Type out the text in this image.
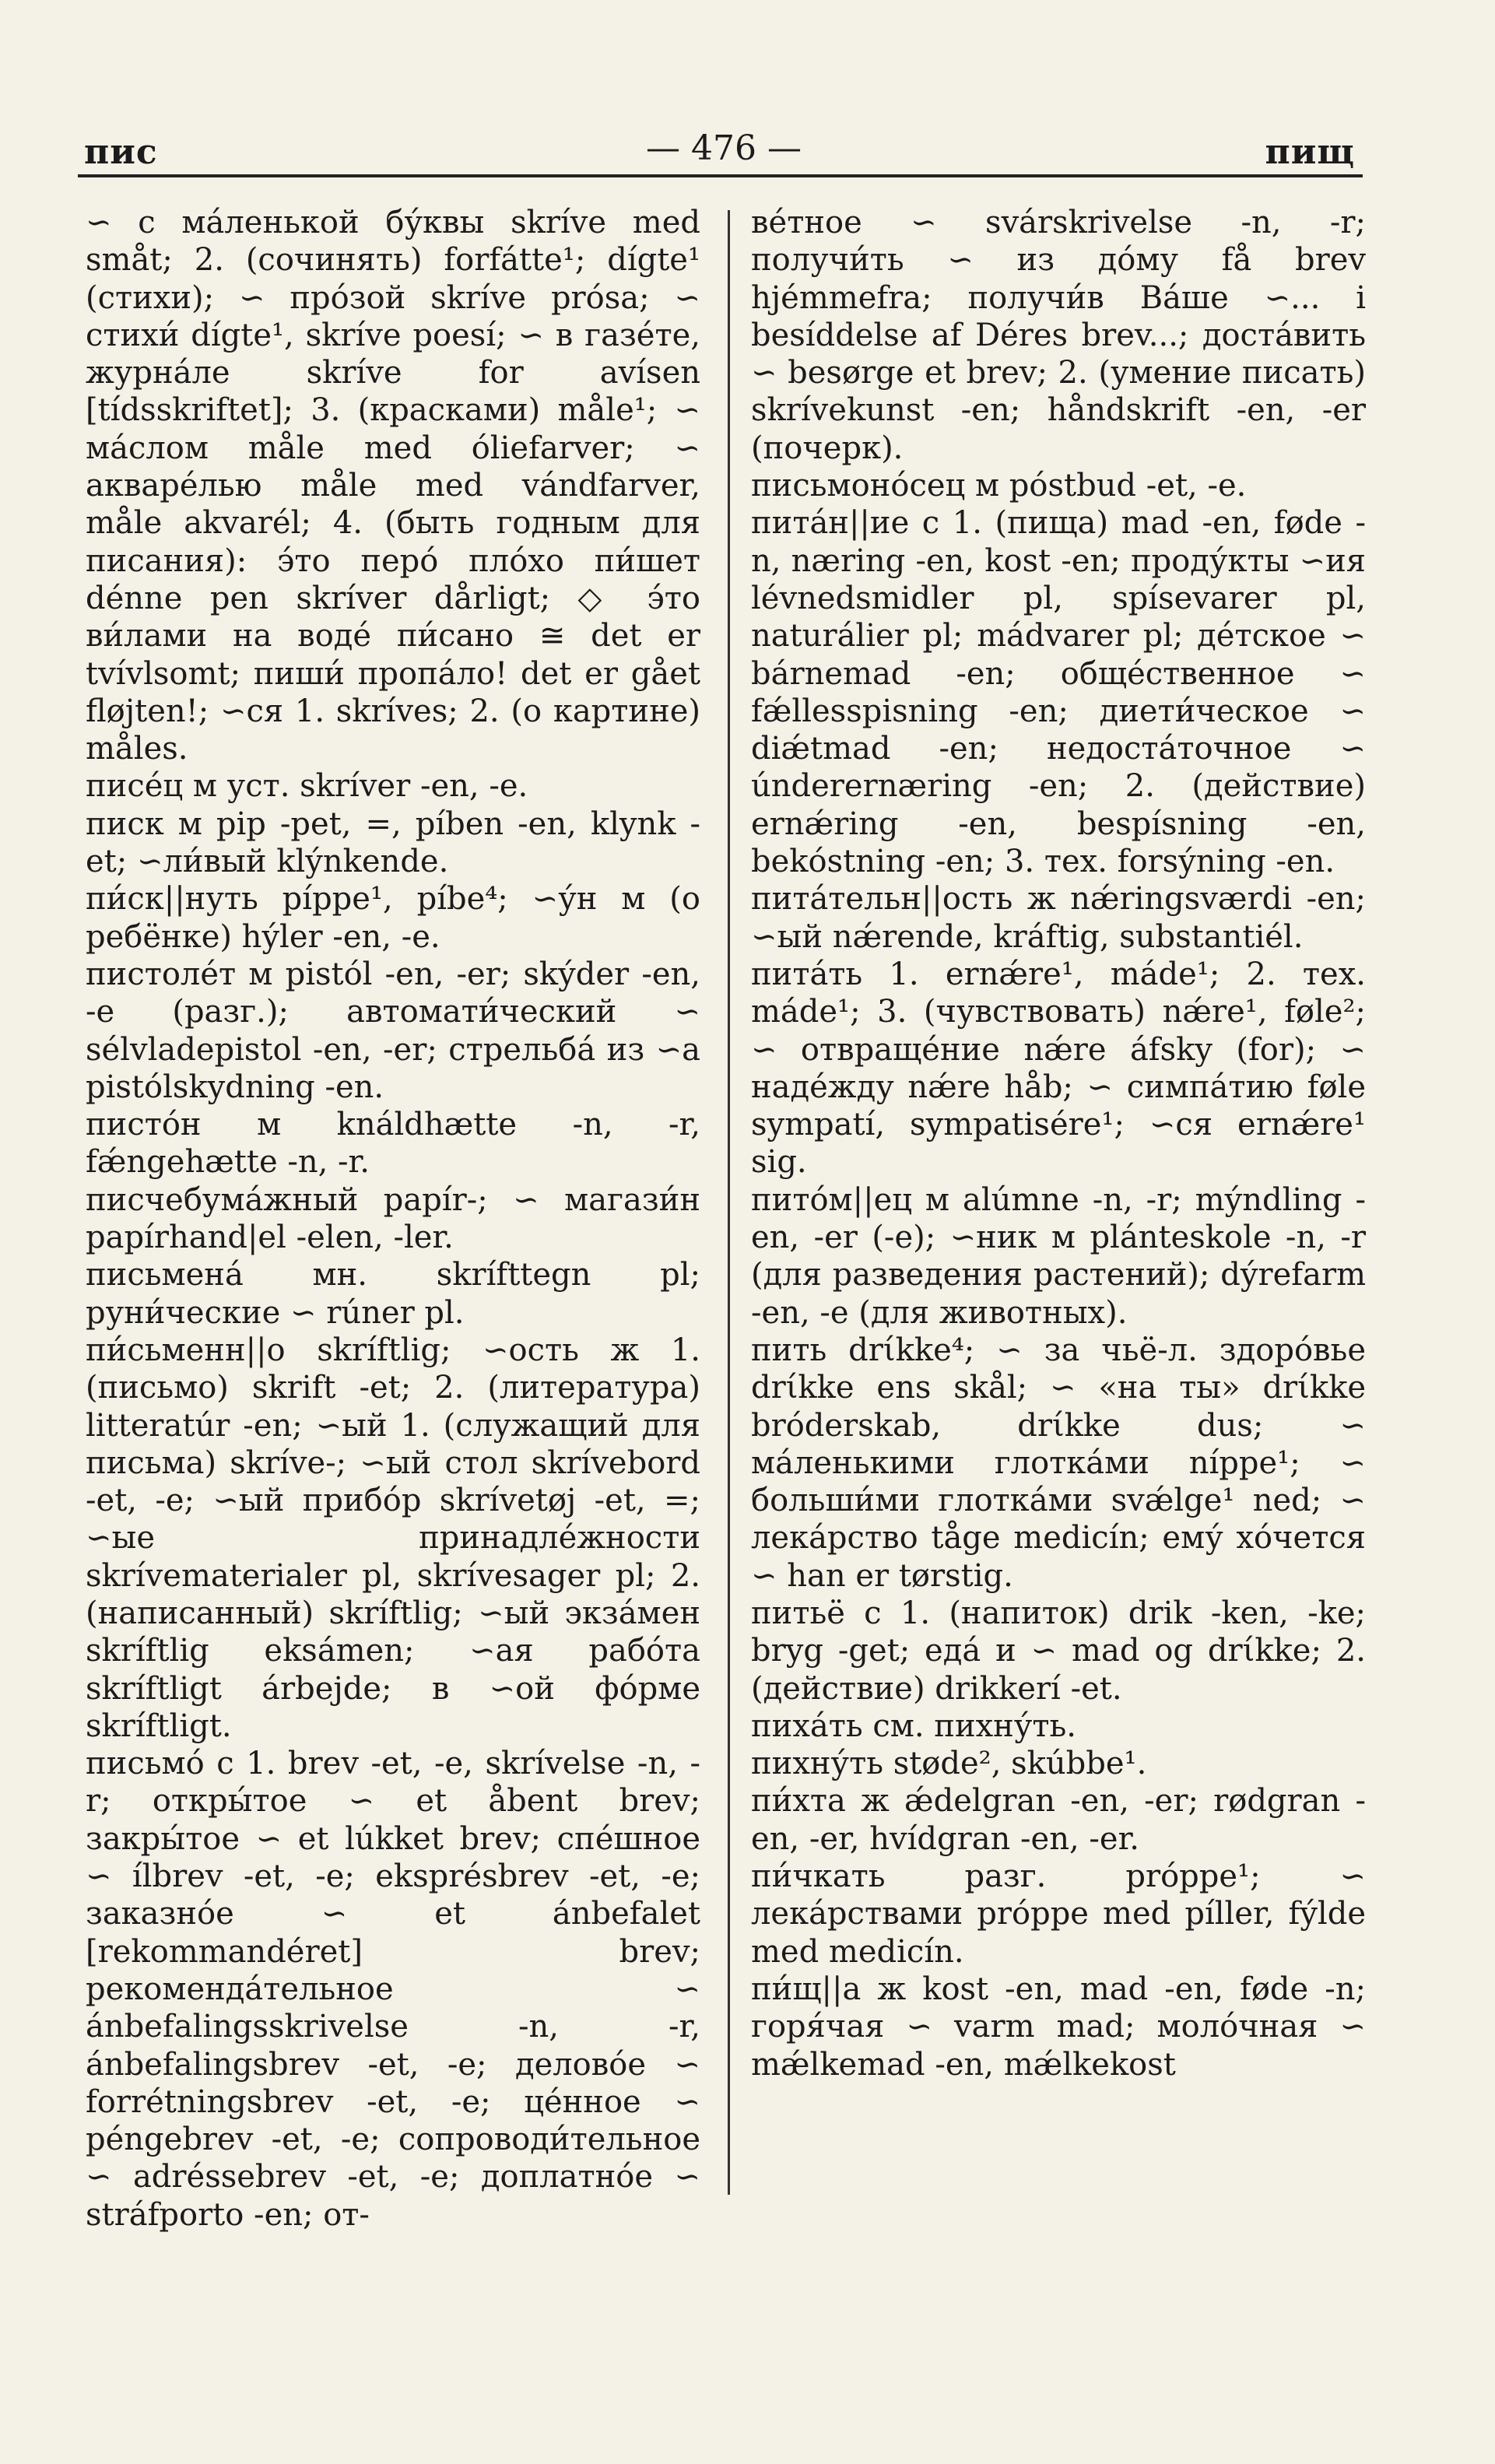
пис	— 476 —	пищ

∽ с ма́ленькой бу́квы skríve med småt; 2. (сочинять) forfátte¹; dígte¹ (стихи); ∽ про́зой skríve prósa; ∽ стихи́ dígte¹, skríve poesí; ∽ в газе́те, журна́ле skríve for avísen [tídsskriftet]; 3. (красками) måle¹; ∽ ма́слом måle med óliefarver; ∽ акваре́лью måle med vándfarver, måle akvarél; 4. (быть годным для писания): э́то перо́ пло́хо пи́шет dénne pen skríver dårligt; ◇ э́то ви́лами на воде́ пи́сано ≅ det er tvívlsomt; пиши́ пропа́ло! det er gået fløjten!; ∽ся 1. skríves; 2. (о картине) måles.

писе́ц м уст. skríver -en, -e.

писк м pip -pet, =, píben -en, klynk -et; ∽ли́вый klýnkende.

пи́ск||нуть píppe¹, píbe⁴; ∽у́н м (о ребёнке) hýler -en, -e.

пистоле́т м pistól -en, -er; skýder -en, -e (разг.); автомати́ческий ∽ sélvladepistol -en, -er; стрельба́ из ∽а pistólskydning -en.

писто́н м knáldhætte -n, -r, fǽngehætte -n, -r.

писчебума́жный papír-; ∽ магази́н papírhand|el -elen, -ler.

письмена́ мн. skrífttegn pl; руни́ческие ∽ rúner pl.

пи́сьменн||о skríftlig; ∽ость ж 1. (письмо) skrift -et; 2. (литература) litteratúr -en; ∽ый 1. (служащий для письма) skríve-; ∽ый стол skrívebord -et, -e; ∽ый прибо́р skrívetøj -et, =; ∽ые принадле́жности skrívematerialer pl, skrívesager pl; 2. (написанный) skríftlig; ∽ый экза́мен skríftlig eksámen; ∽ая рабо́та skríftligt árbejde; в ∽ой фо́рме skríftligt.

письмо́ с 1. brev -et, -e, skrívelse -n, -r; откры́тое ∽ et åbent brev; закры́тое ∽ et lúkket brev; спе́шное ∽ ílbrev -et, -e; eksprésbrev -et, -e; заказно́е ∽ et ánbefalet [rekommandéret] brev; рекоменда́тельное ∽ ánbefalingsskrivelse -n, -r, ánbefalingsbrev -et, -e; делово́е ∽ forrétningsbrev -et, -e; це́нное ∽ péngebrev -et, -e; сопроводи́тельное ∽ adréssebrev -et, -e; доплатно́е ∽ stráfporto -en; от-

ве́тное ∽ svárskrivelse -n, -r; получи́ть ∽ из до́му få brev hjémmefra; получи́в Ва́ше ∽... i besíddelse af Déres brev...; доста́вить ∽ besørge et brev; 2. (умение писать) skrívekunst -en; håndskrift -en, -er (почерк).

письмоно́сец м póstbud -et, -e.

пита́н||ие с 1. (пища) mad -en, føde -n, næring -en, kost -en; проду́кты ∽ия lévnedsmidler pl, spísevarer pl, naturálier pl; mádvarer pl; де́тское ∽ bárnemad -en; обще́ственное ∽ fǽllesspisning -en; диети́ческое ∽ diǽtmad -en; недоста́точное ∽ únderernæring -en; 2. (действие) ernǽring -en, bespísning -en, bekóstning -en; 3. тех. forsýning -en.

пита́тельн||ость ж nǽringsværdi -en; ∽ый nǽrende, kráftig, substantiél.

пита́ть 1. ernǽre¹, máde¹; 2. тех. máde¹; 3. (чувствовать) nǽre¹, føle²; ∽ отвраще́ние nǽre áfsky (for); ∽ наде́жду nǽre håb; ∽ симпа́тию føle sympatí, sympatisére¹; ∽ся ernǽre¹ sig.

пито́м||ец м alúmne -n, -r; mýndling -en, -er (-e); ∽ник м plánteskole -n, -r (для разведения растений); dýrefarm -en, -e (для животных).

пить drίkke⁴; ∽ за чьё-л. здоро́вье drίkke ens skål; ∽ «на ты» drίkke bróderskab, drίkke dus; ∽ ма́ленькими глотка́ми níppe¹; ∽ больши́ми глотка́ми svǽlge¹ ned; ∽ лека́рство tåge medicín; ему́ хо́чется ∽ han er tørstig.

питьё с 1. (напиток) drik -ken, -ke; bryg -get; еда́ и ∽ mad og drίkke; 2. (действие) drikkerí -et.

пиха́ть см. пихну́ть.

пихну́ть støde², skúbbe¹.

пи́хта ж ǽdelgran -en, -er; rødgran -en, -er, hvídgran -en, -er.

пи́чкать разг. próppe¹; ∽ лека́рствами próppe med píller, fýlde med medicín.

пи́щ||а ж kost -en, mad -en, føde -n; горя́чая ∽ varm mad; моло́чная ∽ mǽlkemad -en, mǽlkekost
